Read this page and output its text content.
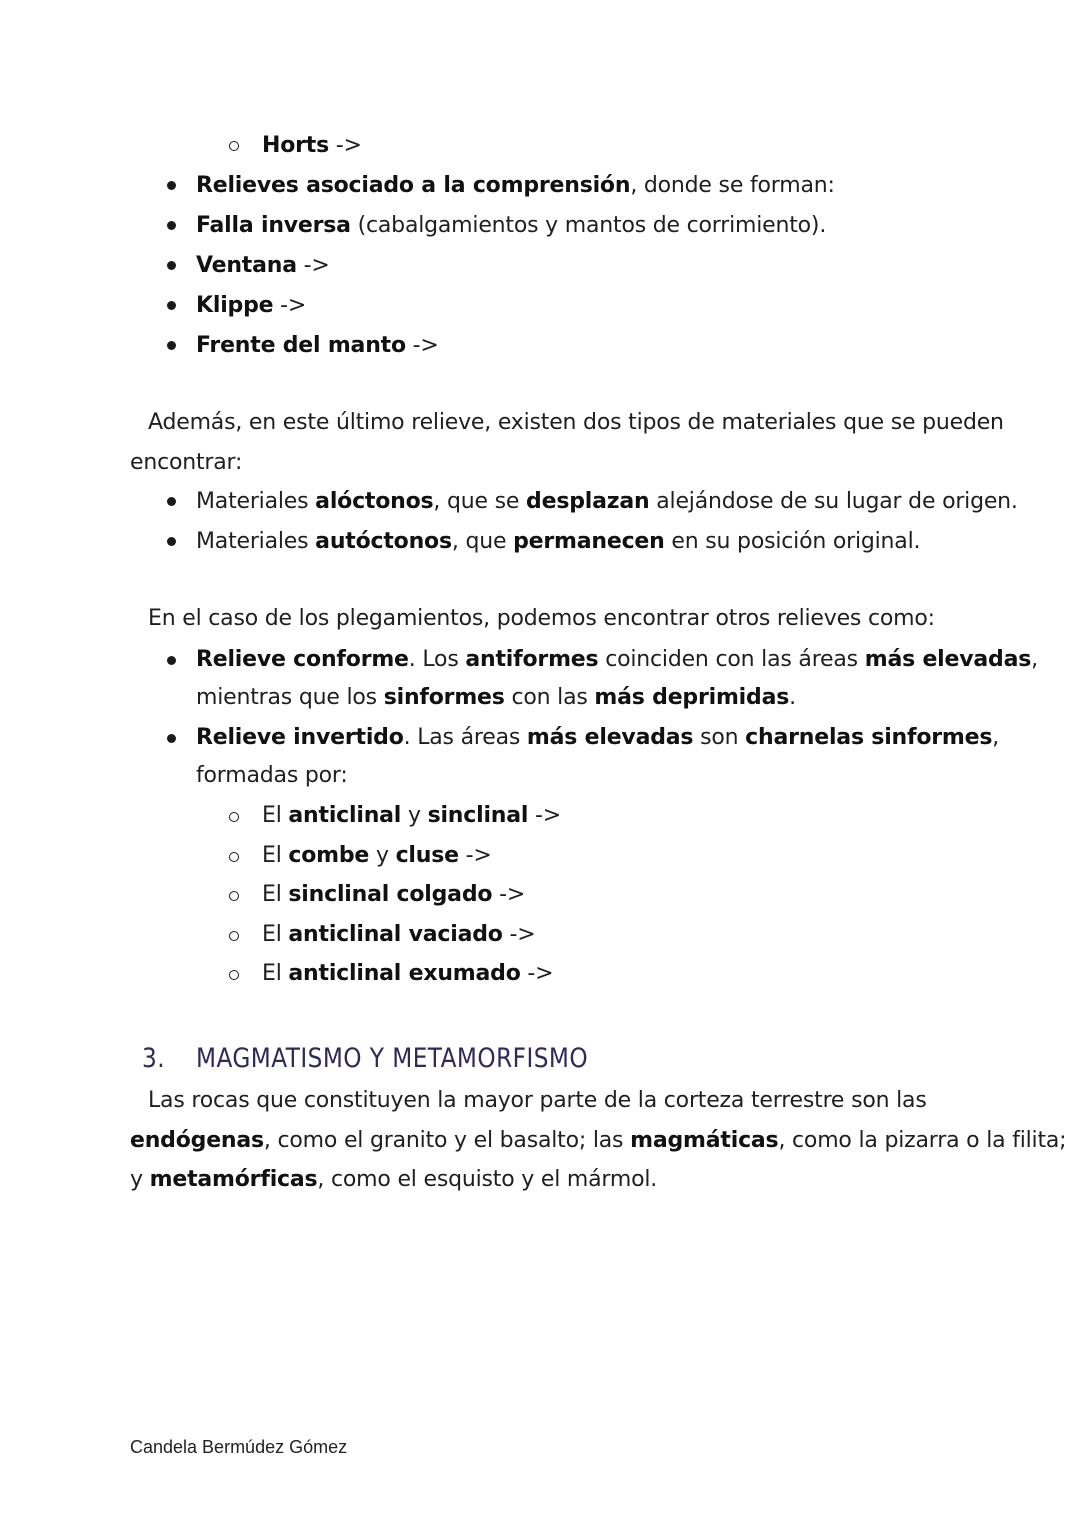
Horts ->
Relieves asociado a la comprensión, donde se forman:
Falla inversa (cabalgamientos y mantos de corrimiento).
Ventana ->
Klippe ->
Frente del manto ->
Además, en este último relieve, existen dos tipos de materiales que se pueden
encontrar:
Materiales alóctonos, que se desplazan alejándose de su lugar de origen.
Materiales autóctonos, que permanecen en su posición original.
En el caso de los plegamientos, podemos encontrar otros relieves como:
Relieve conforme. Los antiformes coinciden con las áreas más elevadas,
mientras que los sinformes con las más deprimidas.
Relieve invertido. Las áreas más elevadas son charnelas sinformes,
formadas por:
El anticlinal y sinclinal ->
El combe y cluse ->
El sinclinal colgado ->
El anticlinal vaciado ->
El anticlinal exumado ->
3. MAGMATISMO Y METAMORFISMO
Las rocas que constituyen la mayor parte de la corteza terrestre son las
endógenas, como el granito y el basalto; las magmáticas, como la pizarra o la filita;
y metamórficas, como el esquisto y el mármol.
Candela Bermúdez Gómez
